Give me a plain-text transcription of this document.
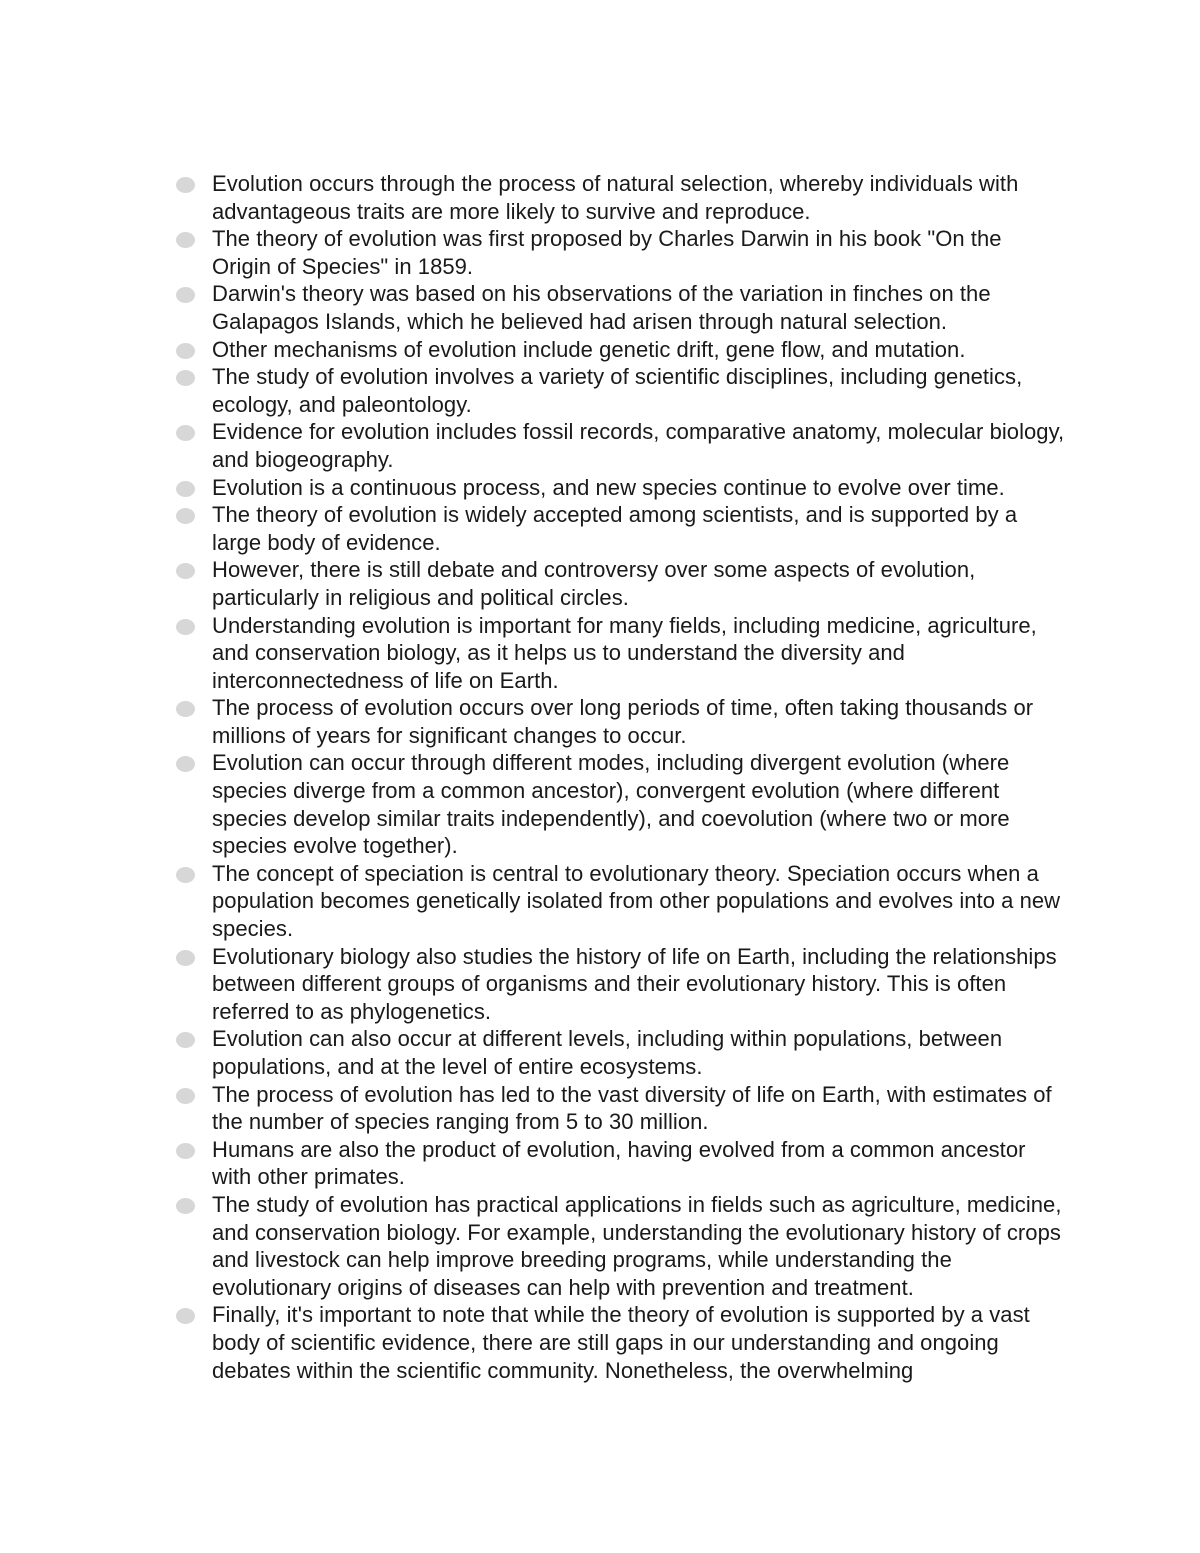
Evolution occurs through the process of natural selection, whereby individuals with advantageous traits are more likely to survive and reproduce.
The theory of evolution was first proposed by Charles Darwin in his book "On the Origin of Species" in 1859.
Darwin's theory was based on his observations of the variation in finches on the Galapagos Islands, which he believed had arisen through natural selection.
Other mechanisms of evolution include genetic drift, gene flow, and mutation.
The study of evolution involves a variety of scientific disciplines, including genetics, ecology, and paleontology.
Evidence for evolution includes fossil records, comparative anatomy, molecular biology, and biogeography.
Evolution is a continuous process, and new species continue to evolve over time.
The theory of evolution is widely accepted among scientists, and is supported by a large body of evidence.
However, there is still debate and controversy over some aspects of evolution, particularly in religious and political circles.
Understanding evolution is important for many fields, including medicine, agriculture, and conservation biology, as it helps us to understand the diversity and interconnectedness of life on Earth.
The process of evolution occurs over long periods of time, often taking thousands or millions of years for significant changes to occur.
Evolution can occur through different modes, including divergent evolution (where species diverge from a common ancestor), convergent evolution (where different species develop similar traits independently), and coevolution (where two or more species evolve together).
The concept of speciation is central to evolutionary theory. Speciation occurs when a population becomes genetically isolated from other populations and evolves into a new species.
Evolutionary biology also studies the history of life on Earth, including the relationships between different groups of organisms and their evolutionary history. This is often referred to as phylogenetics.
Evolution can also occur at different levels, including within populations, between populations, and at the level of entire ecosystems.
The process of evolution has led to the vast diversity of life on Earth, with estimates of the number of species ranging from 5 to 30 million.
Humans are also the product of evolution, having evolved from a common ancestor with other primates.
The study of evolution has practical applications in fields such as agriculture, medicine, and conservation biology. For example, understanding the evolutionary history of crops and livestock can help improve breeding programs, while understanding the evolutionary origins of diseases can help with prevention and treatment.
Finally, it's important to note that while the theory of evolution is supported by a vast body of scientific evidence, there are still gaps in our understanding and ongoing debates within the scientific community. Nonetheless, the overwhelming
